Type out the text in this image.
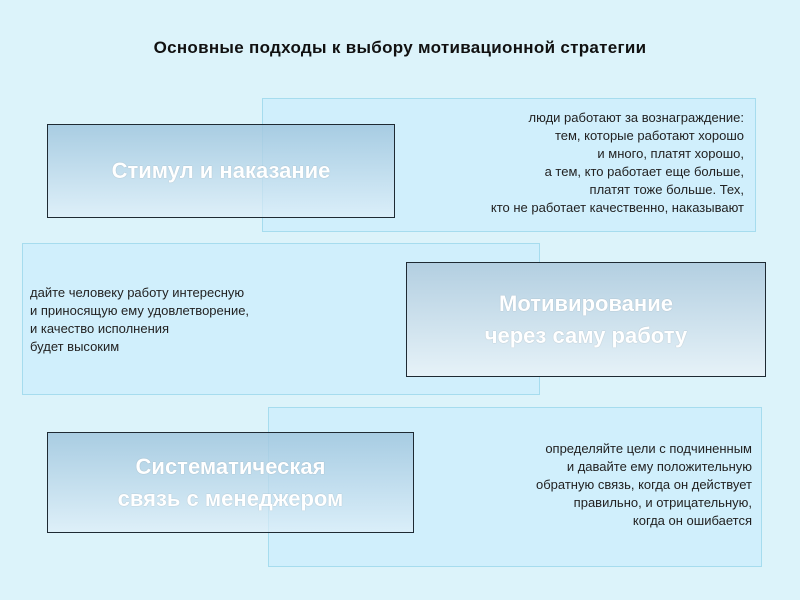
Основные подходы к выбору мотивационной стратегии

люди работают за вознаграждение:
тем, которые работают хорошо
и много, платят хорошо,
а тем, кто работает еще больше,
платят тоже больше. Тех,
кто не работает качественно, наказывают

Стимул и наказание

дайте человеку работу интересную
и приносящую ему удовлетворение,
и качество исполнения
будет высоким

Мотивирование
через саму работу

определяйте цели с подчиненным
и давайте ему положительную
обратную связь, когда он действует
правильно, и отрицательную,
когда он ошибается

Систематическая
связь с менеджером
